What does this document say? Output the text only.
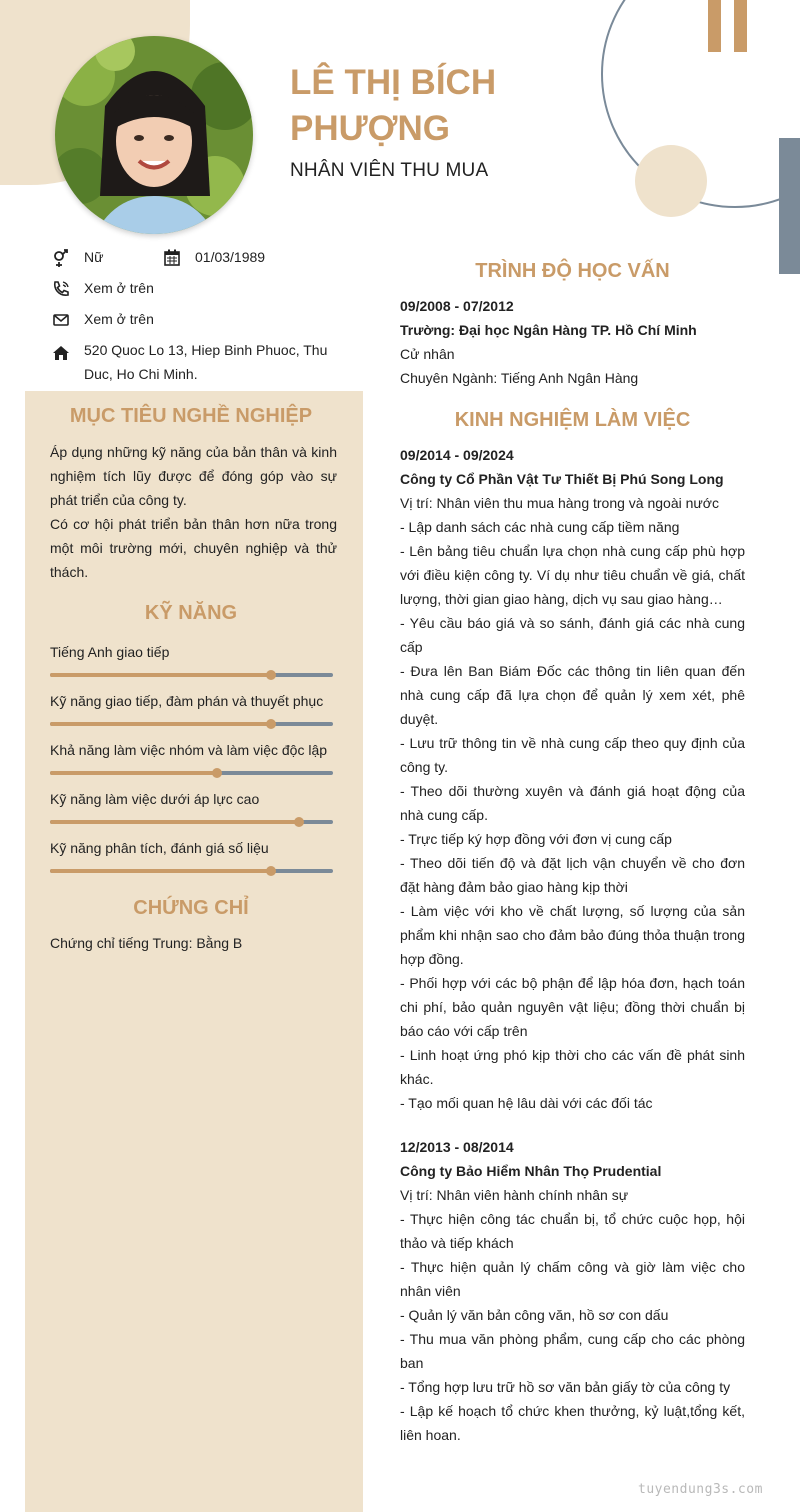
LÊ THỊ BÍCH
PHƯỢNG
NHÂN VIÊN THU MUA
Nữ	01/03/1989
Xem ở trên
Xem ở trên
520 Quoc Lo 13, Hiep Binh Phuoc, Thu Duc, Ho Chi Minh.
MỤC TIÊU NGHỀ NGHIỆP
Áp dụng những kỹ năng của bản thân và kinh nghiệm tích lũy được để đóng góp vào sự phát triển của công ty.
Có cơ hội phát triển bản thân hơn nữa trong một môi trường mới, chuyên nghiệp và thử thách.
KỸ NĂNG
Tiếng Anh giao tiếp
Kỹ năng giao tiếp, đàm phán và thuyết phục
Khả năng làm việc nhóm và làm việc độc lập
Kỹ năng làm việc dưới áp lực cao
Kỹ năng phân tích, đánh giá số liệu
CHỨNG CHỈ
Chứng chỉ tiếng Trung: Bằng B
TRÌNH ĐỘ HỌC VẤN
09/2008 - 07/2012
Trường: Đại học Ngân Hàng TP. Hồ Chí Minh
Cử nhân
Chuyên Ngành: Tiếng Anh Ngân Hàng
KINH NGHIỆM LÀM VIỆC
09/2014 - 09/2024
Công ty Cổ Phần Vật Tư Thiết Bị Phú Song Long
Vị trí: Nhân viên thu mua hàng trong và ngoài nước
- Lập danh sách các nhà cung cấp tiềm năng
- Lên bảng tiêu chuẩn lựa chọn nhà cung cấp phù hợp với điều kiện công ty. Ví dụ như tiêu chuẩn về giá, chất lượng, thời gian giao hàng, dịch vụ sau giao hàng…
- Yêu cầu báo giá và so sánh, đánh giá các nhà cung cấp
- Đưa lên Ban Biám Đốc các thông tin liên quan đến nhà cung cấp đã lựa chọn để quản lý xem xét, phê duyệt.
- Lưu trữ thông tin về nhà cung cấp theo quy định của công ty.
- Theo dõi thường xuyên và đánh giá hoạt động của nhà cung cấp.
- Trực tiếp ký hợp đồng với đơn vị cung cấp
- Theo dõi tiến độ và đặt lịch vận chuyển về cho đơn đặt hàng đảm bảo giao hàng kịp thời
- Làm việc với kho về chất lượng, số lượng của sản phẩm khi nhận sao cho đảm bảo đúng thỏa thuận trong hợp đồng.
- Phối hợp với các bộ phận để lập hóa đơn, hạch toán chi phí, bảo quản nguyên vật liệu; đồng thời chuẩn bị báo cáo với cấp trên
- Linh hoạt ứng phó kịp thời cho các vấn đề phát sinh khác.
- Tạo mối quan hệ lâu dài với các đối tác
12/2013 - 08/2014
Công ty Bảo Hiểm Nhân Thọ Prudential
Vị trí: Nhân viên hành chính nhân sự
- Thực hiện công tác chuẩn bị, tổ chức cuộc họp, hội thảo và tiếp khách
- Thực hiện quản lý chấm công và giờ làm việc cho nhân viên
- Quản lý văn bản công văn, hồ sơ con dấu
- Thu mua văn phòng phẩm, cung cấp cho các phòng ban
- Tổng hợp lưu trữ hồ sơ văn bản giấy tờ của công ty
- Lập kế hoạch tổ chức khen thưởng, kỷ luật,tổng kết, liên hoan.
tuyendung3s.com
